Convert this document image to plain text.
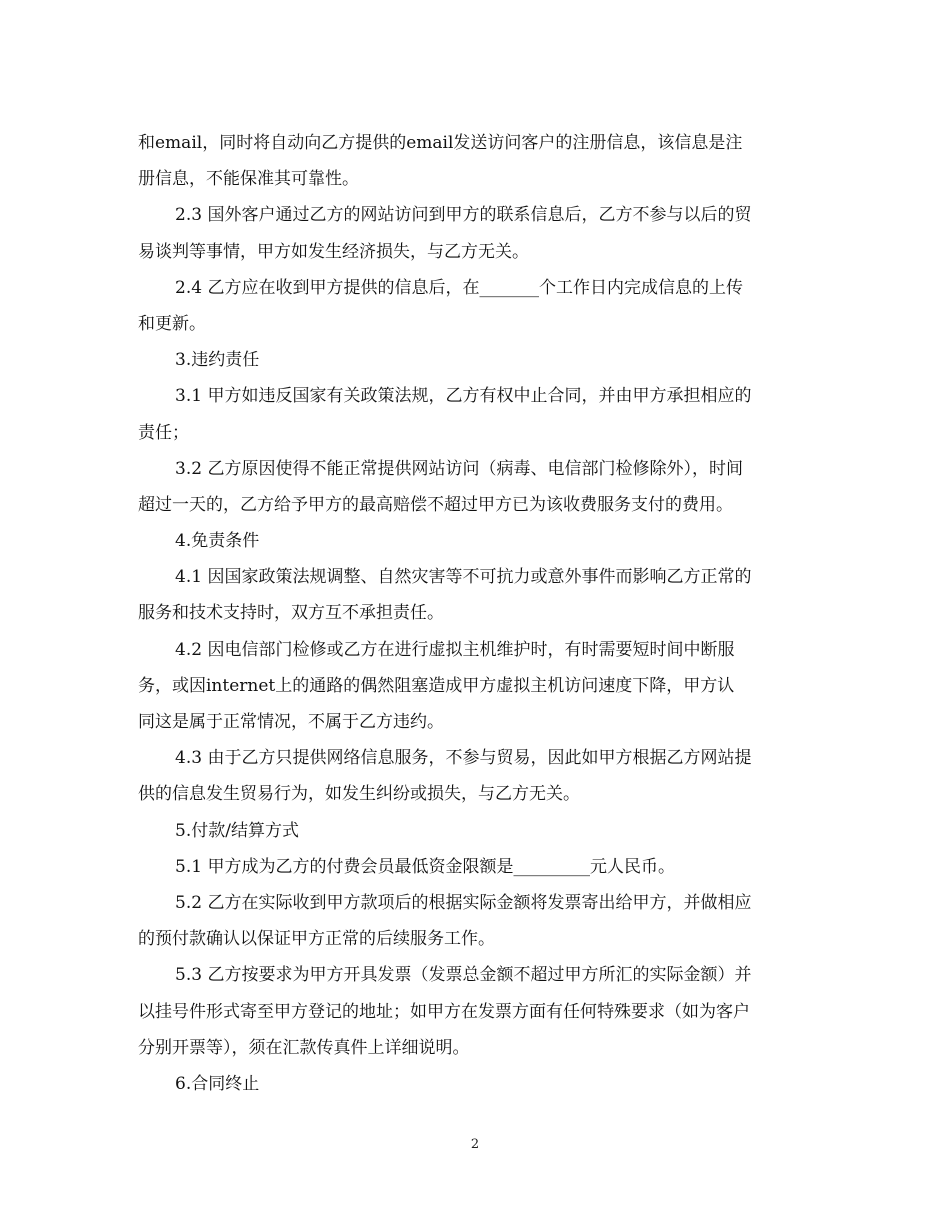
和email，同时将自动向乙方提供的email发送访问客户的注册信息，该信息是注
册信息，不能保准其可靠性。

2.3 国外客户通过乙方的网站访问到甲方的联系信息后，乙方不参与以后的贸
易谈判等事情，甲方如发生经济损失，与乙方无关。

2.4 乙方应在收到甲方提供的信息后，在_______个工作日内完成信息的上传
和更新。

3.违约责任

3.1 甲方如违反国家有关政策法规，乙方有权中止合同，并由甲方承担相应的
责任；

3.2 乙方原因使得不能正常提供网站访问（病毒、电信部门检修除外），时间
超过一天的，乙方给予甲方的最高赔偿不超过甲方已为该收费服务支付的费用。

4.免责条件

4.1 因国家政策法规调整、自然灾害等不可抗力或意外事件而影响乙方正常的
服务和技术支持时，双方互不承担责任。

4.2 因电信部门检修或乙方在进行虚拟主机维护时，有时需要短时间中断服
务，或因internet上的通路的偶然阻塞造成甲方虚拟主机访问速度下降，甲方认
同这是属于正常情况，不属于乙方违约。

4.3 由于乙方只提供网络信息服务，不参与贸易，因此如甲方根据乙方网站提
供的信息发生贸易行为，如发生纠纷或损失，与乙方无关。

5.付款/结算方式

5.1 甲方成为乙方的付费会员最低资金限额是_________元人民币。

5.2 乙方在实际收到甲方款项后的根据实际金额将发票寄出给甲方，并做相应
的预付款确认以保证甲方正常的后续服务工作。

5.3 乙方按要求为甲方开具发票（发票总金额不超过甲方所汇的实际金额）并
以挂号件形式寄至甲方登记的地址；如甲方在发票方面有任何特殊要求（如为客户
分别开票等），须在汇款传真件上详细说明。

6.合同终止

2
